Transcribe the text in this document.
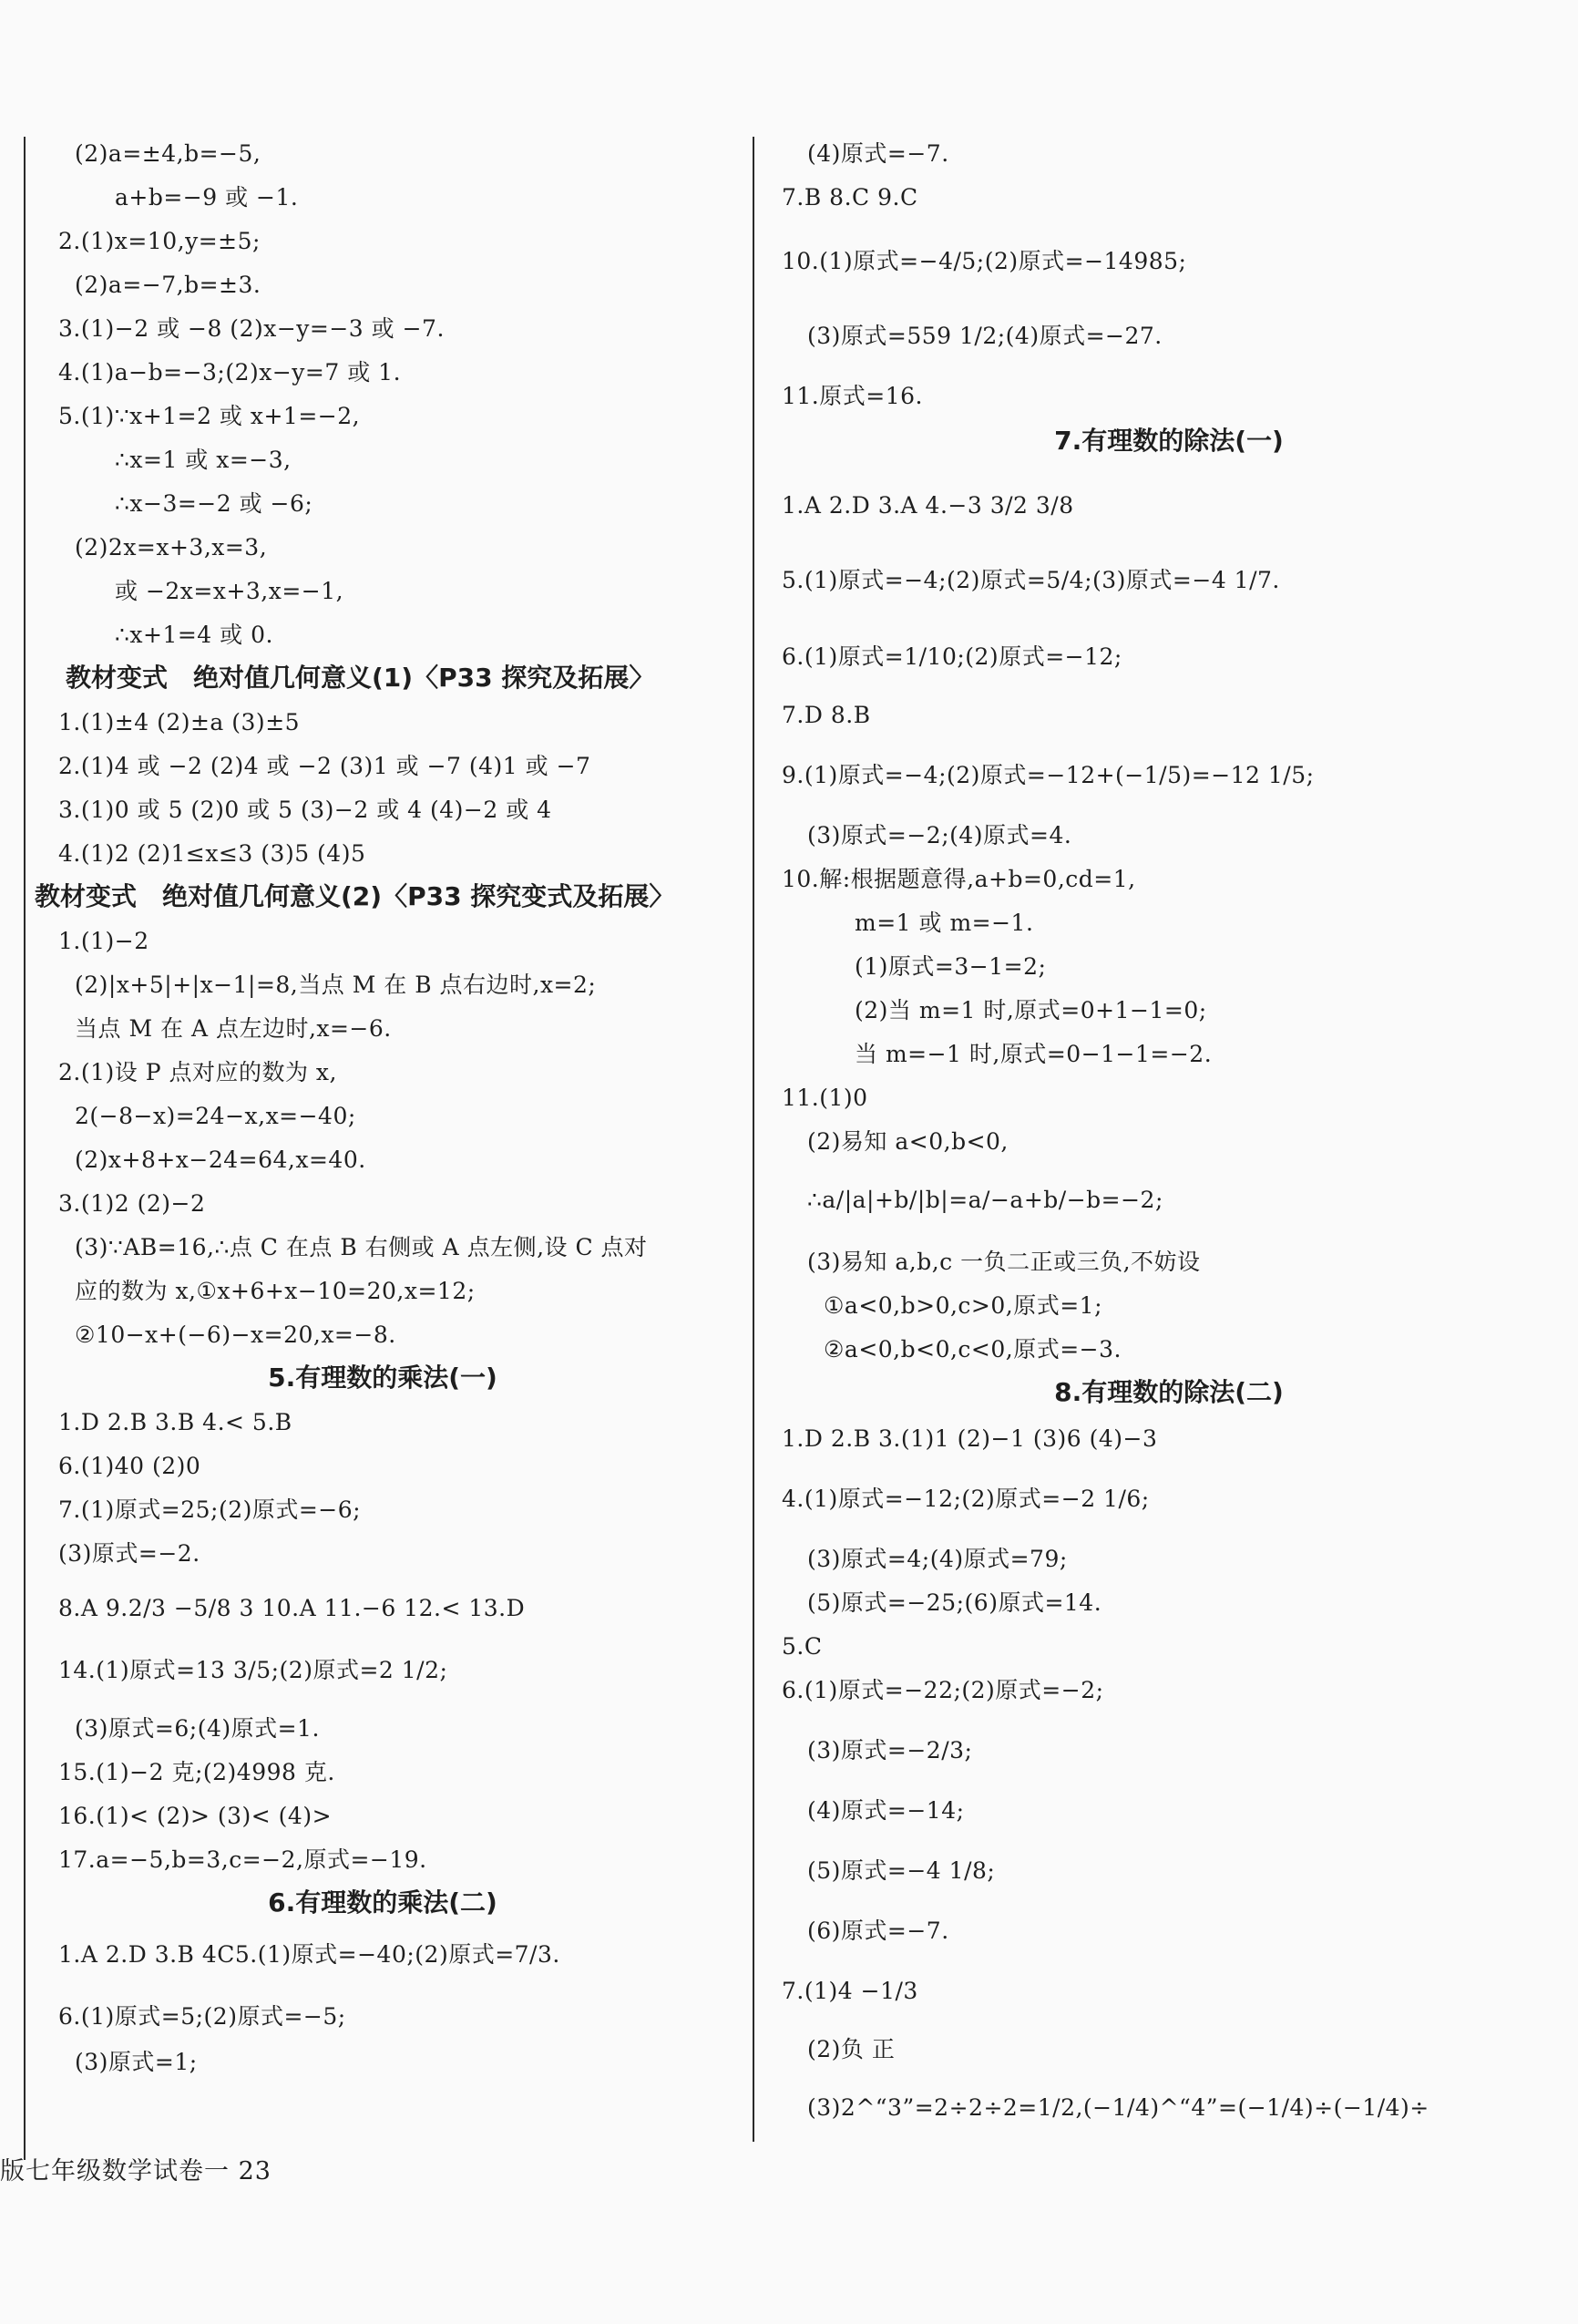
(2)a=±4,b=−5,
a+b=−9 或 −1.
2.(1)x=10,y=±5;
(2)a=−7,b=±3.
3.(1)−2 或 −8 (2)x−y=−3 或 −7.
4.(1)a−b=−3;(2)x−y=7 或 1.
5.(1)∵x+1=2 或 x+1=−2,
∴x=1 或 x=−3,
∴x−3=−2 或 −6;
(2)2x=x+3,x=3,
或 −2x=x+3,x=−1,
∴x+1=4 或 0.
教材变式　绝对值几何意义(1)〈P33 探究及拓展〉
1.(1)±4 (2)±a (3)±5
2.(1)4 或 −2 (2)4 或 −2 (3)1 或 −7 (4)1 或 −7
3.(1)0 或 5 (2)0 或 5 (3)−2 或 4 (4)−2 或 4
4.(1)2 (2)1≤x≤3 (3)5 (4)5
教材变式　绝对值几何意义(2)〈P33 探究变式及拓展〉
1.(1)−2
(2)|x+5|+|x−1|=8,当点 M 在 B 点右边时,x=2;
当点 M 在 A 点左边时,x=−6.
2.(1)设 P 点对应的数为 x,
2(−8−x)=24−x,x=−40;
(2)x+8+x−24=64,x=40.
3.(1)2 (2)−2
(3)∵AB=16,∴点 C 在点 B 右侧或 A 点左侧,设 C 点对
应的数为 x,①x+6+x−10=20,x=12;
②10−x+(−6)−x=20,x=−8.
5.有理数的乘法(一)
1.D 2.B 3.B 4.< 5.B
6.(1)40 (2)0
7.(1)原式=25;(2)原式=−6;
(3)原式=−2.
8.A 9.2/3 −5/8 3 10.A 11.−6 12.< 13.D
14.(1)原式=13 3/5;(2)原式=2 1/2;
(3)原式=6;(4)原式=1.
15.(1)−2 克;(2)4998 克.
16.(1)< (2)> (3)< (4)>
17.a=−5,b=3,c=−2,原式=−19.
6.有理数的乘法(二)
1.A 2.D 3.B 4C5.(1)原式=−40;(2)原式=7/3.
6.(1)原式=5;(2)原式=−5;
(3)原式=1;
(4)原式=−7.
7.B 8.C 9.C
10.(1)原式=−4/5;(2)原式=−14985;
(3)原式=559 1/2;(4)原式=−27.
11.原式=16.
7.有理数的除法(一)
1.A 2.D 3.A 4.−3 3/2 3/8
5.(1)原式=−4;(2)原式=5/4;(3)原式=−4 1/7.
6.(1)原式=1/10;(2)原式=−12;
7.D 8.B
9.(1)原式=−4;(2)原式=−12+(−1/5)=−12 1/5;
(3)原式=−2;(4)原式=4.
10.解:根据题意得,a+b=0,cd=1,
m=1 或 m=−1.
(1)原式=3−1=2;
(2)当 m=1 时,原式=0+1−1=0;
当 m=−1 时,原式=0−1−1=−2.
11.(1)0
(2)易知 a<0,b<0,
∴a/|a|+b/|b|=a/−a+b/−b=−2;
(3)易知 a,b,c 一负二正或三负,不妨设
①a<0,b>0,c>0,原式=1;
②a<0,b<0,c<0,原式=−3.
8.有理数的除法(二)
1.D 2.B 3.(1)1 (2)−1 (3)6 (4)−3
4.(1)原式=−12;(2)原式=−2 1/6;
(3)原式=4;(4)原式=79;
(5)原式=−25;(6)原式=14.
5.C
6.(1)原式=−22;(2)原式=−2;
(3)原式=−2/3;
(4)原式=−14;
(5)原式=−4 1/8;
(6)原式=−7.
7.(1)4 −1/3
(2)负 正
(3)2^“3”=2÷2÷2=1/2,(−1/4)^“4”=(−1/4)÷(−1/4)÷
版七年级数学试卷一 23
